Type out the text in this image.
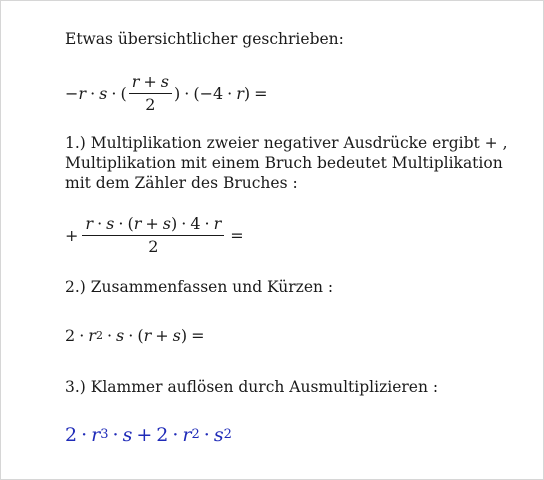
Etwas übersichtlicher geschrieben:
− r · s · ( $\frac{r + s}{2}$ ) · (−4 · r ) =
1.) Multiplikation zweier negativer Ausdrücke ergibt + ,
Multiplikation mit einem Bruch bedeutet Multiplikation
mit dem Zähler des Bruches :
+ $\frac{r \cdot s \cdot (r + s) \cdot 4 \cdot r}{2}$ =
2.) Zusammenfassen und Kürzen :
2 · r 2 · s · ( r + s ) =
3.) Klammer auflösen durch Ausmultiplizieren :
2 · r 3 · s + 2 · r 2 · s 2
